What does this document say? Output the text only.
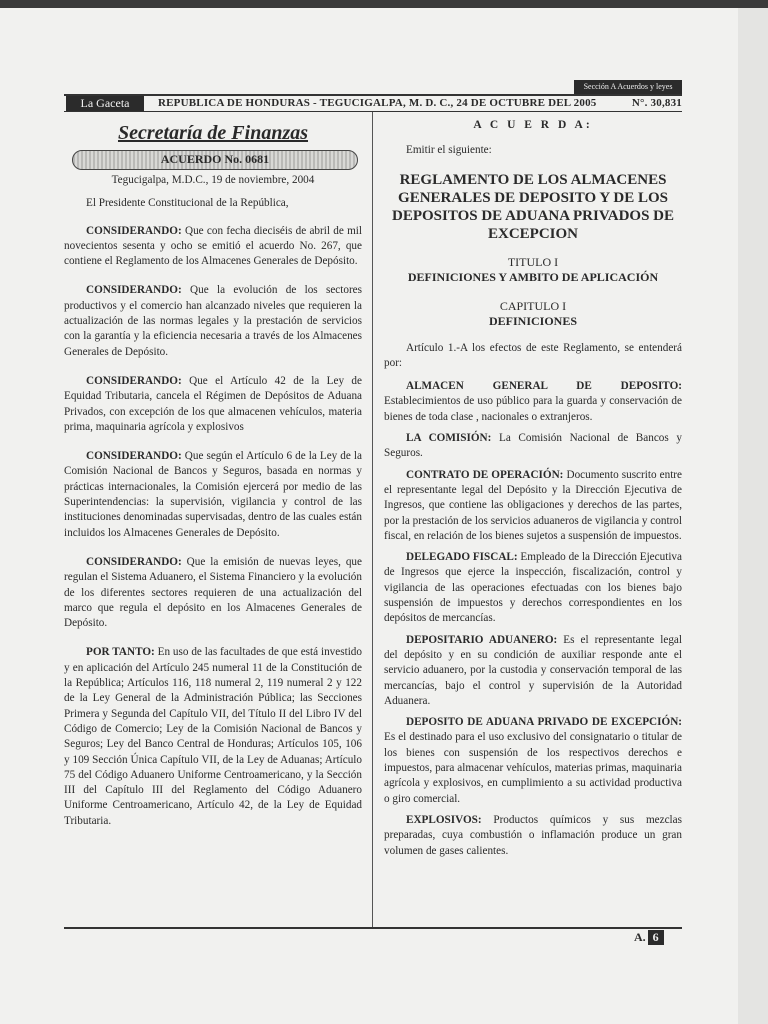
Sección A Acuerdos y leyes
La Gaceta	REPUBLICA DE HONDURAS - TEGUCIGALPA, M. D. C., 24 DE OCTUBRE DEL 2005	N°. 30,831
Secretaría de Finanzas
ACUERDO No. 0681
Tegucigalpa, M.D.C., 19 de noviembre, 2004
El Presidente Constitucional de la República,
CONSIDERANDO: Que con fecha dieciséis de abril de mil novecientos sesenta y ocho se emitió el acuerdo No. 267, que contiene el Reglamento de los Almacenes Generales de Depósito.
CONSIDERANDO: Que la evolución de los sectores productivos y el comercio han alcanzado niveles que requieren la actualización de las normas legales y la prestación de servicios con la garantía y la eficiencia necesaria a través de los Almacenes Generales de Depósito.
CONSIDERANDO: Que el Artículo 42 de la Ley de Equidad Tributaria, cancela el Régimen de Depósitos de Aduana Privados, con excepción de los que almacenen vehículos, materia prima, maquinaria agrícola y explosivos
CONSIDERANDO: Que según el Artículo 6 de la Ley de la Comisión Nacional de Bancos y Seguros, basada en normas y prácticas internacionales, la Comisión ejercerá por medio de las Superintendencias: la supervisión, vigilancia y control de las instituciones denominadas supervisadas, dentro de las cuales están incluidos los Almacenes Generales de Depósito.
CONSIDERANDO: Que la emisión de nuevas leyes, que regulan el Sistema Aduanero, el Sistema Financiero y la evolución de los diferentes sectores requieren de una actualización del marco que regula el depósito en los Almacenes Generales de Depósito.
POR TANTO: En uso de las facultades de que está investido y en aplicación del Artículo 245 numeral 11 de la Constitución de la República; Artículos 116, 118 numeral 2, 119 numeral 2 y 122 de la Ley General de la Administración Pública; las Secciones Primera y Segunda del Capítulo VII, del Título II del Libro IV del Código de Comercio; Ley de la Comisión Nacional de Bancos y Seguros; Ley del Banco Central de Honduras; Artículos 105, 106 y 109 Sección Única Capítulo VII, de la Ley de Aduanas; Artículo 75 del Código Aduanero Uniforme Centroamericano, y la Sección III del Capítulo III del Reglamento del Código Aduanero Uniforme Centroamericano, Artículo 42, de la Ley de Equidad Tributaria.
A C U E R D A:
Emitir el siguiente:
REGLAMENTO DE LOS ALMACENES GENERALES DE DEPOSITO Y DE LOS DEPOSITOS DE ADUANA PRIVADOS DE EXCEPCION
TITULO I
DEFINICIONES Y AMBITO DE APLICACIÓN
CAPITULO I
DEFINICIONES
Artículo 1.-A los efectos de este Reglamento, se entenderá por:
ALMACEN GENERAL DE DEPOSITO: Establecimientos de uso público para la guarda y conservación de bienes de toda clase , nacionales o extranjeros.
LA COMISIÓN: La Comisión Nacional de Bancos y Seguros.
CONTRATO DE OPERACIÓN: Documento suscrito entre el representante legal del Depósito y la Dirección Ejecutiva de Ingresos, que contiene las obligaciones y derechos de las partes, por la prestación de los servicios aduaneros de vigilancia y control fiscal, en relación de los bienes sujetos a suspensión de impuestos.
DELEGADO FISCAL: Empleado de la Dirección Ejecutiva de Ingresos que ejerce la inspección, fiscalización, control y vigilancia de las operaciones efectuadas con los bienes bajo suspensión de impuestos y derechos correspondientes en los depósitos de mercancías.
DEPOSITARIO ADUANERO: Es el representante legal del depósito y en su condición de auxiliar responde ante el servicio aduanero, por la custodia y conservación temporal de las mercancías, bajo el control y supervisión de la Autoridad Aduanera.
DEPOSITO DE ADUANA PRIVADO DE EXCEPCIÓN: Es el destinado para el uso exclusivo del consignatario o titular de los bienes con suspensión de los respectivos derechos e impuestos, para almacenar vehículos, materias primas, maquinaria agrícola y explosivos, en cumplimiento a su actividad productiva o giro comercial.
EXPLOSIVOS: Productos químicos y sus mezclas preparadas, cuya combustión o inflamación produce un gran volumen de gases calientes.
A. 6
